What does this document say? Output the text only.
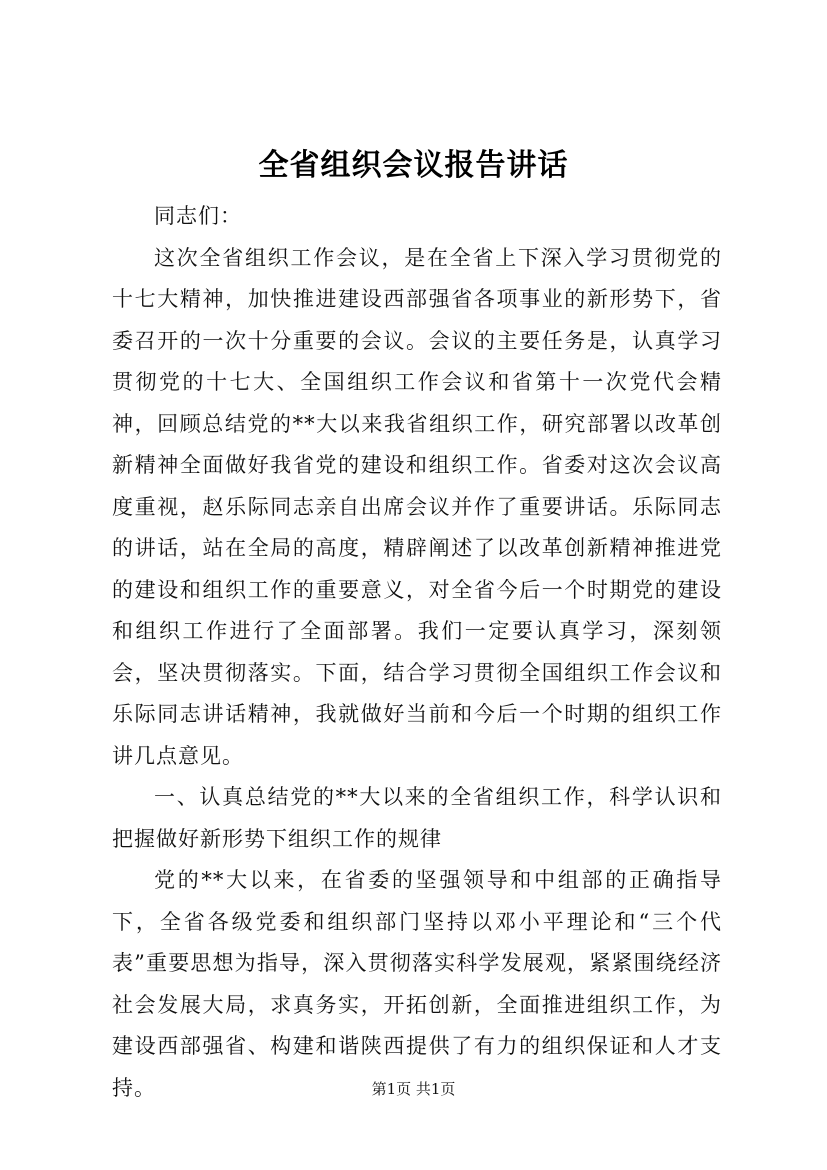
全省组织会议报告讲话

同志们：

这次全省组织工作会议，是在全省上下深入学习贯彻党的十七大精神，加快推进建设西部强省各项事业的新形势下，省委召开的一次十分重要的会议。会议的主要任务是，认真学习贯彻党的十七大、全国组织工作会议和省第十一次党代会精神，回顾总结党的**大以来我省组织工作，研究部署以改革创新精神全面做好我省党的建设和组织工作。省委对这次会议高度重视，赵乐际同志亲自出席会议并作了重要讲话。乐际同志的讲话，站在全局的高度，精辟阐述了以改革创新精神推进党的建设和组织工作的重要意义，对全省今后一个时期党的建设和组织工作进行了全面部署。我们一定要认真学习，深刻领会，坚决贯彻落实。下面，结合学习贯彻全国组织工作会议和乐际同志讲话精神，我就做好当前和今后一个时期的组织工作讲几点意见。

一、认真总结党的**大以来的全省组织工作，科学认识和把握做好新形势下组织工作的规律

党的**大以来，在省委的坚强领导和中组部的正确指导下，全省各级党委和组织部门坚持以邓小平理论和“三个代表”重要思想为指导，深入贯彻落实科学发展观，紧紧围绕经济社会发展大局，求真务实，开拓创新，全面推进组织工作，为建设西部强省、构建和谐陕西提供了有力的组织保证和人才支持。	第1页 共1页
